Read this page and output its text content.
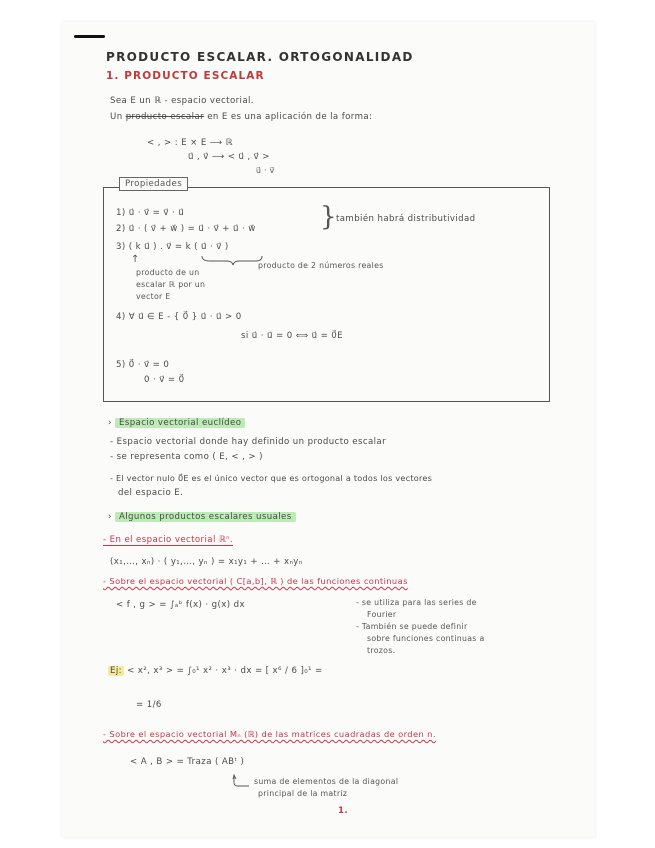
PRODUCTO ESCALAR. ORTOGONALIDAD
1. PRODUCTO ESCALAR
Sea E un ℝ - espacio vectorial.
Un producto escalar en E es una aplicación de la forma:
< , > : E × E ⟶ ℝ
u⃗ , v⃗ ⟶ < u⃗ , v⃗ >
u⃗ · v⃗
Propiedades
1) u⃗ · v⃗ = v⃗ · u⃗
2) u⃗ · ( v⃗ + w⃗ ) = u⃗ · v⃗ + u⃗ · w⃗ } también habrá distributividad
3) ( k u⃗ ) . v⃗ = k ( u⃗ · v⃗ )
producto de 2 números reales
↑
producto de un
escalar ℝ por un
vector E
4) ∀ u⃗ ∈ E - { 0⃗ } u⃗ · u⃗ > 0
si u⃗ · u⃗ = 0 ⟺ u⃗ = 0⃗E
5) 0⃗ · v⃗ = 0
0 · v⃗ = 0⃗
› Espacio vectorial euclídeo
- Espacio vectorial donde hay definido un producto escalar
- se representa como ( E, < , > )
- El vector nulo 0⃗E es el único vector que es ortogonal a todos los vectores
del espacio E.
› Algunos productos escalares usuales
- En el espacio vectorial ℝⁿ.
(x₁,…, xₙ) · ( y₁,…, yₙ ) = x₁y₁ + … + xₙyₙ
- Sobre el espacio vectorial ( C[a,b], ℝ ) de las funciones continuas
< f , g > = ∫ₐᵇ f(x) · g(x) dx	- se utiliza para las series de
Fourier
- También se puede definir
sobre funciones continuas a
trozos.
Ej: < x², x³ > = ∫₀¹ x² · x³ · dx = [ x⁶ / 6 ]₀¹ =
= 1/6
- Sobre el espacio vectorial Mₙ (ℝ) de las matrices cuadradas de orden n.
< A , B > = Traza ( ABᵗ )
suma de elementos de la diagonal
principal de la matriz
1.
